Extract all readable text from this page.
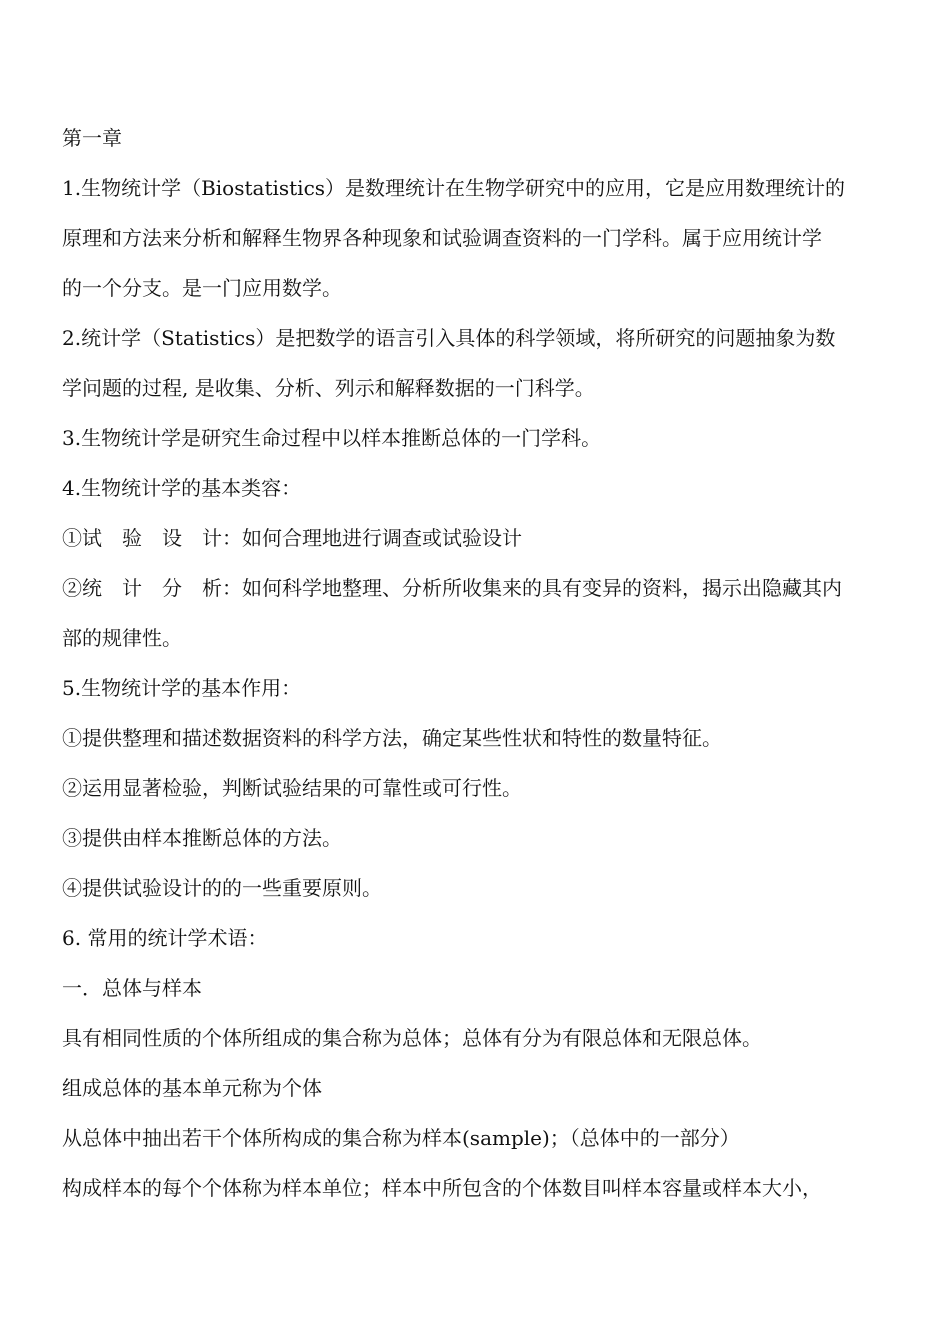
第一章
1.生物统计学（Biostatistics）是数理统计在生物学研究中的应用，它是应用数理统计的
原理和方法来分析和解释生物界各种现象和试验调查资料的一门学科。属于应用统计学
的一个分支。是一门应用数学。
2.统计学（Statistics）是把数学的语言引入具体的科学领域，将所研究的问题抽象为数
学问题的过程, 是收集、分析、列示和解释数据的一门科学。
3.生物统计学是研究生命过程中以样本推断总体的一门学科。
4.生物统计学的基本类容：
①试　验　设　计：如何合理地进行调查或试验设计
②统　计　分　析：如何科学地整理、分析所收集来的具有变异的资料，揭示出隐藏其内
部的规律性。
5.生物统计学的基本作用：
①提供整理和描述数据资料的科学方法，确定某些性状和特性的数量特征。
②运用显著检验，判断试验结果的可靠性或可行性。
③提供由样本推断总体的方法。
④提供试验设计的的一些重要原则。
6. 常用的统计学术语：
一．总体与样本
具有相同性质的个体所组成的集合称为总体；总体有分为有限总体和无限总体。
组成总体的基本单元称为个体
从总体中抽出若干个体所构成的集合称为样本(sample)；（总体中的一部分）
构成样本的每个个体称为样本单位；样本中所包含的个体数目叫样本容量或样本大小，
